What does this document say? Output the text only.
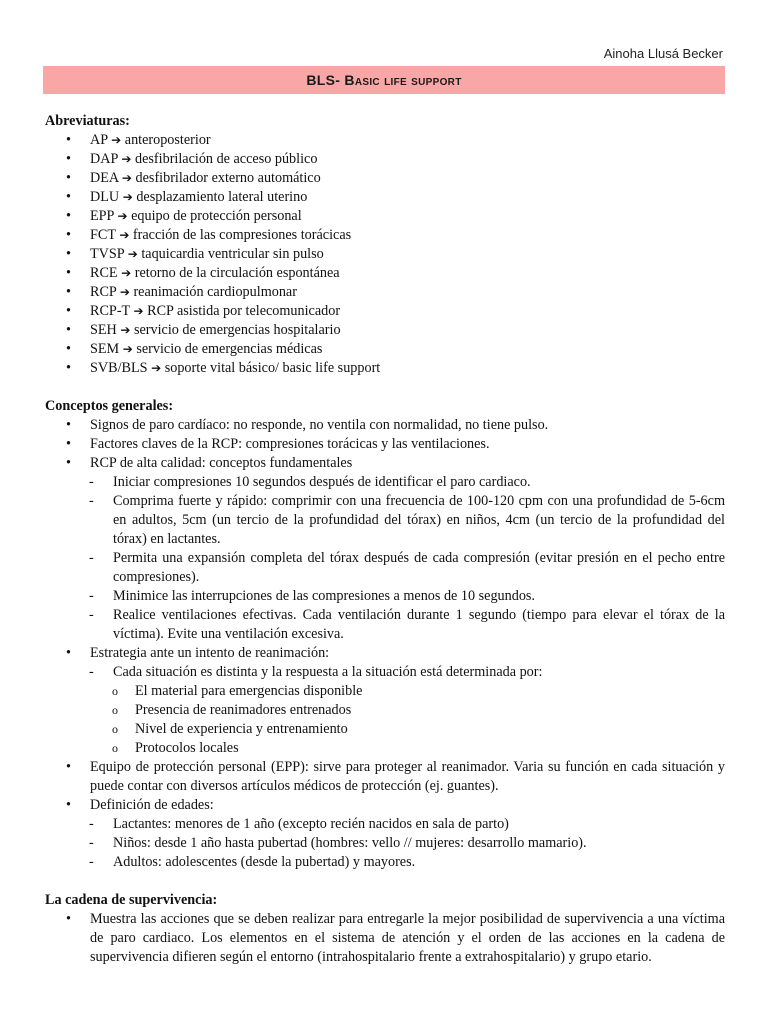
Ainoha Llusá Becker
BLS- Basic life support

Abreviaturas:

• AP ➔ anteroposterior
• DAP ➔ desfibrilación de acceso público
• DEA ➔ desfibrilador externo automático
• DLU ➔ desplazamiento lateral uterino
• EPP ➔ equipo de protección personal
• FCT ➔ fracción de las compresiones torácicas
• TVSP ➔ taquicardia ventricular sin pulso
• RCE ➔ retorno de la circulación espontánea
• RCP ➔ reanimación cardiopulmonar
• RCP-T ➔ RCP asistida por telecomunicador
• SEH ➔ servicio de emergencias hospitalario
• SEM ➔ servicio de emergencias médicas
• SVB/BLS ➔ soporte vital básico/ basic life support

Conceptos generales:

• Signos de paro cardíaco: no responde, no ventila con normalidad, no tiene pulso.
• Factores claves de la RCP: compresiones torácicas y las ventilaciones.
• RCP de alta calidad: conceptos fundamentales
- Iniciar compresiones 10 segundos después de identificar el paro cardiaco.
- Comprima fuerte y rápido: comprimir con una frecuencia de 100-120 cpm con una profundidad de 5-6cm en adultos, 5cm (un tercio de la profundidad del tórax) en niños, 4cm (un tercio de la profundidad del tórax) en lactantes.
- Permita una expansión completa del tórax después de cada compresión (evitar presión en el pecho entre compresiones).
- Minimice las interrupciones de las compresiones a menos de 10 segundos.
- Realice ventilaciones efectivas. Cada ventilación durante 1 segundo (tiempo para elevar el tórax de la víctima). Evite una ventilación excesiva.
• Estrategia ante un intento de reanimación:
- Cada situación es distinta y la respuesta a la situación está determinada por:
o El material para emergencias disponible
o Presencia de reanimadores entrenados
o Nivel de experiencia y entrenamiento
o Protocolos locales
• Equipo de protección personal (EPP): sirve para proteger al reanimador. Varia su función en cada situación y puede contar con diversos artículos médicos de protección (ej. guantes).
• Definición de edades:
- Lactantes: menores de 1 año (excepto recién nacidos en sala de parto)
- Niños: desde 1 año hasta pubertad (hombres: vello // mujeres: desarrollo mamario).
- Adultos: adolescentes (desde la pubertad) y mayores.

La cadena de supervivencia:

• Muestra las acciones que se deben realizar para entregarle la mejor posibilidad de supervivencia a una víctima de paro cardiaco. Los elementos en el sistema de atención y el orden de las acciones en la cadena de supervivencia difieren según el entorno (intrahospitalario frente a extrahospitalario) y grupo etario.
